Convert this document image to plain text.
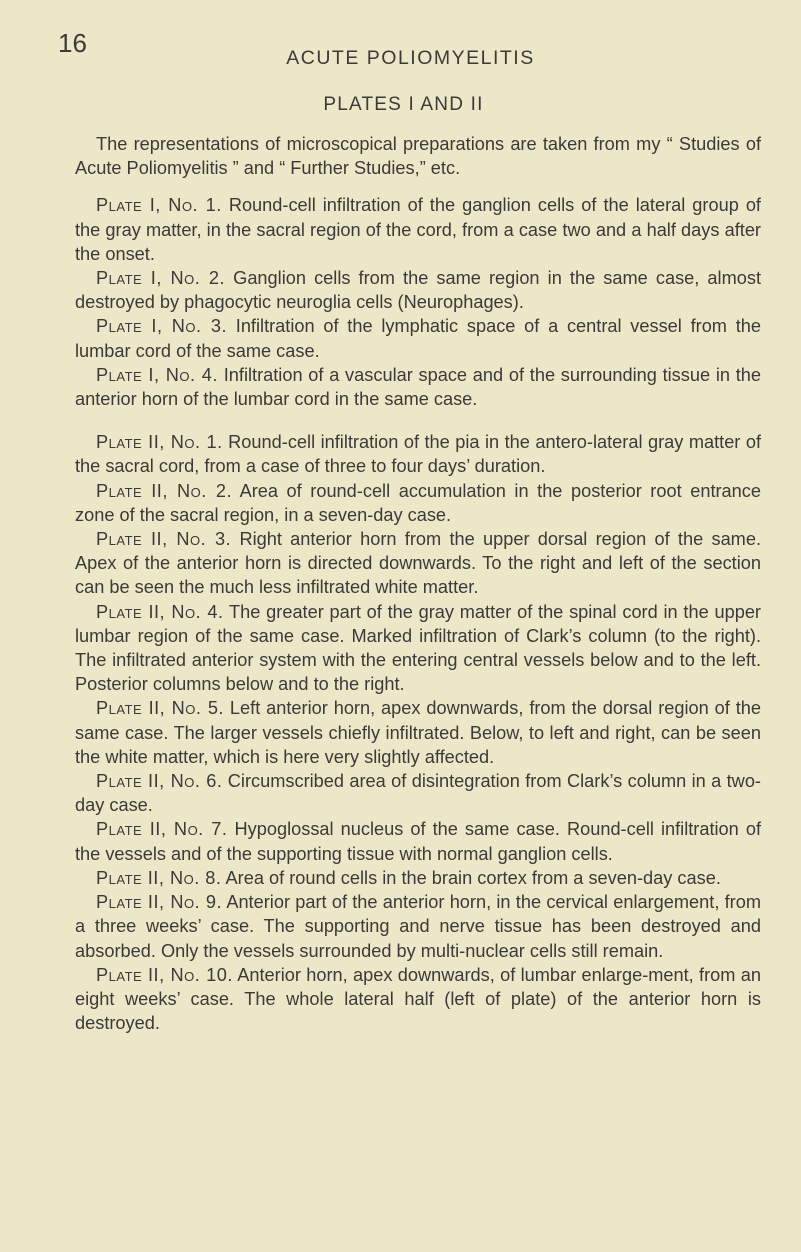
16	ACUTE POLIOMYELITIS
PLATES I AND II

The representations of microscopical preparations are taken from my “ Studies of Acute Poliomyelitis ” and “ Further Studies,” etc.

Plate I, No. 1. Round-cell infiltration of the ganglion cells of the lateral group of the gray matter, in the sacral region of the cord, from a case two and a half days after the onset.

Plate I, No. 2. Ganglion cells from the same region in the same case, almost destroyed by phagocytic neuroglia cells (Neurophages).

Plate I, No. 3. Infiltration of the lymphatic space of a central vessel from the lumbar cord of the same case.

Plate I, No. 4. Infiltration of a vascular space and of the surrounding tissue in the anterior horn of the lumbar cord in the same case.

Plate II, No. 1. Round-cell infiltration of the pia in the antero-lateral gray matter of the sacral cord, from a case of three to four days’ duration.

Plate II, No. 2. Area of round-cell accumulation in the posterior root entrance zone of the sacral region, in a seven-day case.

Plate II, No. 3. Right anterior horn from the upper dorsal region of the same. Apex of the anterior horn is directed downwards. To the right and left of the section can be seen the much less infiltrated white matter.

Plate II, No. 4. The greater part of the gray matter of the spinal cord in the upper lumbar region of the same case. Marked infiltration of Clark’s column (to the right). The infiltrated anterior system with the entering central vessels below and to the left. Posterior columns below and to the right.

Plate II, No. 5. Left anterior horn, apex downwards, from the dorsal region of the same case. The larger vessels chiefly infiltrated. Below, to left and right, can be seen the white matter, which is here very slightly affected.

Plate II, No. 6. Circumscribed area of disintegration from Clark’s column in a two-day case.

Plate II, No. 7. Hypoglossal nucleus of the same case. Round-cell infiltration of the vessels and of the supporting tissue with normal ganglion cells.

Plate II, No. 8. Area of round cells in the brain cortex from a seven-day case.

Plate II, No. 9. Anterior part of the anterior horn, in the cervical enlargement, from a three weeks’ case. The supporting and nerve tissue has been destroyed and absorbed. Only the vessels surrounded by multi-nuclear cells still remain.

Plate II, No. 10. Anterior horn, apex downwards, of lumbar enlarge-ment, from an eight weeks’ case. The whole lateral half (left of plate) of the anterior horn is destroyed.
